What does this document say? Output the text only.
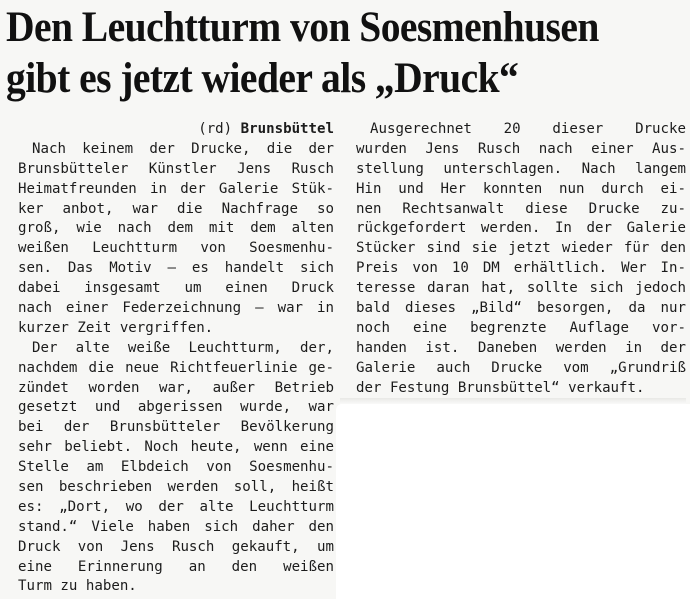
Den Leuchtturm von Soesmenhusen
gibt es jetzt wieder als „Druck“
(rd) Brunsbüttel
Nach keinem der Drucke, die der
Brunsbütteler Künstler Jens Rusch
Heimatfreunden in der Galerie Stük-
ker anbot, war die Nachfrage so
groß, wie nach dem mit dem alten
weißen Leuchtturm von Soesmenhu-
sen. Das Motiv — es handelt sich
dabei insgesamt um einen Druck
nach einer Federzeichnung — war in
kurzer Zeit vergriffen.
Der alte weiße Leuchtturm, der,
nachdem die neue Richtfeuerlinie ge-
zündet worden war, außer Betrieb
gesetzt und abgerissen wurde, war
bei der Brunsbütteler Bevölkerung
sehr beliebt. Noch heute, wenn eine
Stelle am Elbdeich von Soesmenhu-
sen beschrieben werden soll, heißt
es: „Dort, wo der alte Leuchtturm
stand.“ Viele haben sich daher den
Druck von Jens Rusch gekauft, um
eine Erinnerung an den weißen
Turm zu haben.
Ausgerechnet 20 dieser Drucke
wurden Jens Rusch nach einer Aus-
stellung unterschlagen. Nach langem
Hin und Her konnten nun durch ei-
nen Rechtsanwalt diese Drucke zu-
rückgefordert werden. In der Galerie
Stücker sind sie jetzt wieder für den
Preis von 10 DM erhältlich. Wer In-
teresse daran hat, sollte sich jedoch
bald dieses „Bild“ besorgen, da nur
noch eine begrenzte Auflage vor-
handen ist. Daneben werden in der
Galerie auch Drucke vom „Grundriß
der Festung Brunsbüttel“ verkauft.
